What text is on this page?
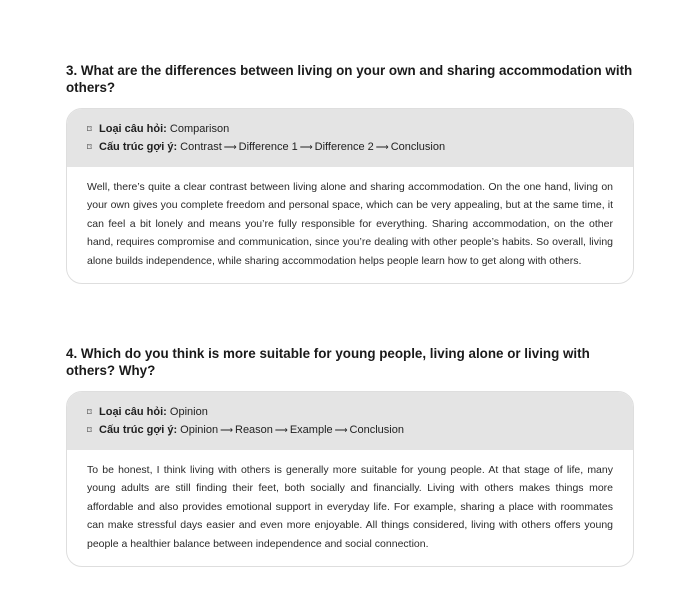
3. What are the differences between living on your own and sharing accommodation with others?
⌑ Loại câu hỏi: Comparison
⌑ Cấu trúc gợi ý: Contrast ⟶ Difference 1 ⟶ Difference 2 ⟶ Conclusion
Well, there’s quite a clear contrast between living alone and sharing accommodation. On the one hand, living on your own gives you complete freedom and personal space, which can be very appealing, but at the same time, it can feel a bit lonely and means you’re fully responsible for everything. Sharing accommodation, on the other hand, requires compromise and communication, since you’re dealing with other people’s habits. So overall, living alone builds independence, while sharing accommodation helps people learn how to get along with others.
4. Which do you think is more suitable for young people, living alone or living with others? Why?
⌑ Loại câu hỏi: Opinion
⌑ Cấu trúc gợi ý: Opinion ⟶ Reason ⟶ Example ⟶ Conclusion
To be honest, I think living with others is generally more suitable for young people. At that stage of life, many young adults are still finding their feet, both socially and financially. Living with others makes things more affordable and also provides emotional support in everyday life. For example, sharing a place with roommates can make stressful days easier and even more enjoyable. All things considered, living with others offers young people a healthier balance between independence and social connection.
